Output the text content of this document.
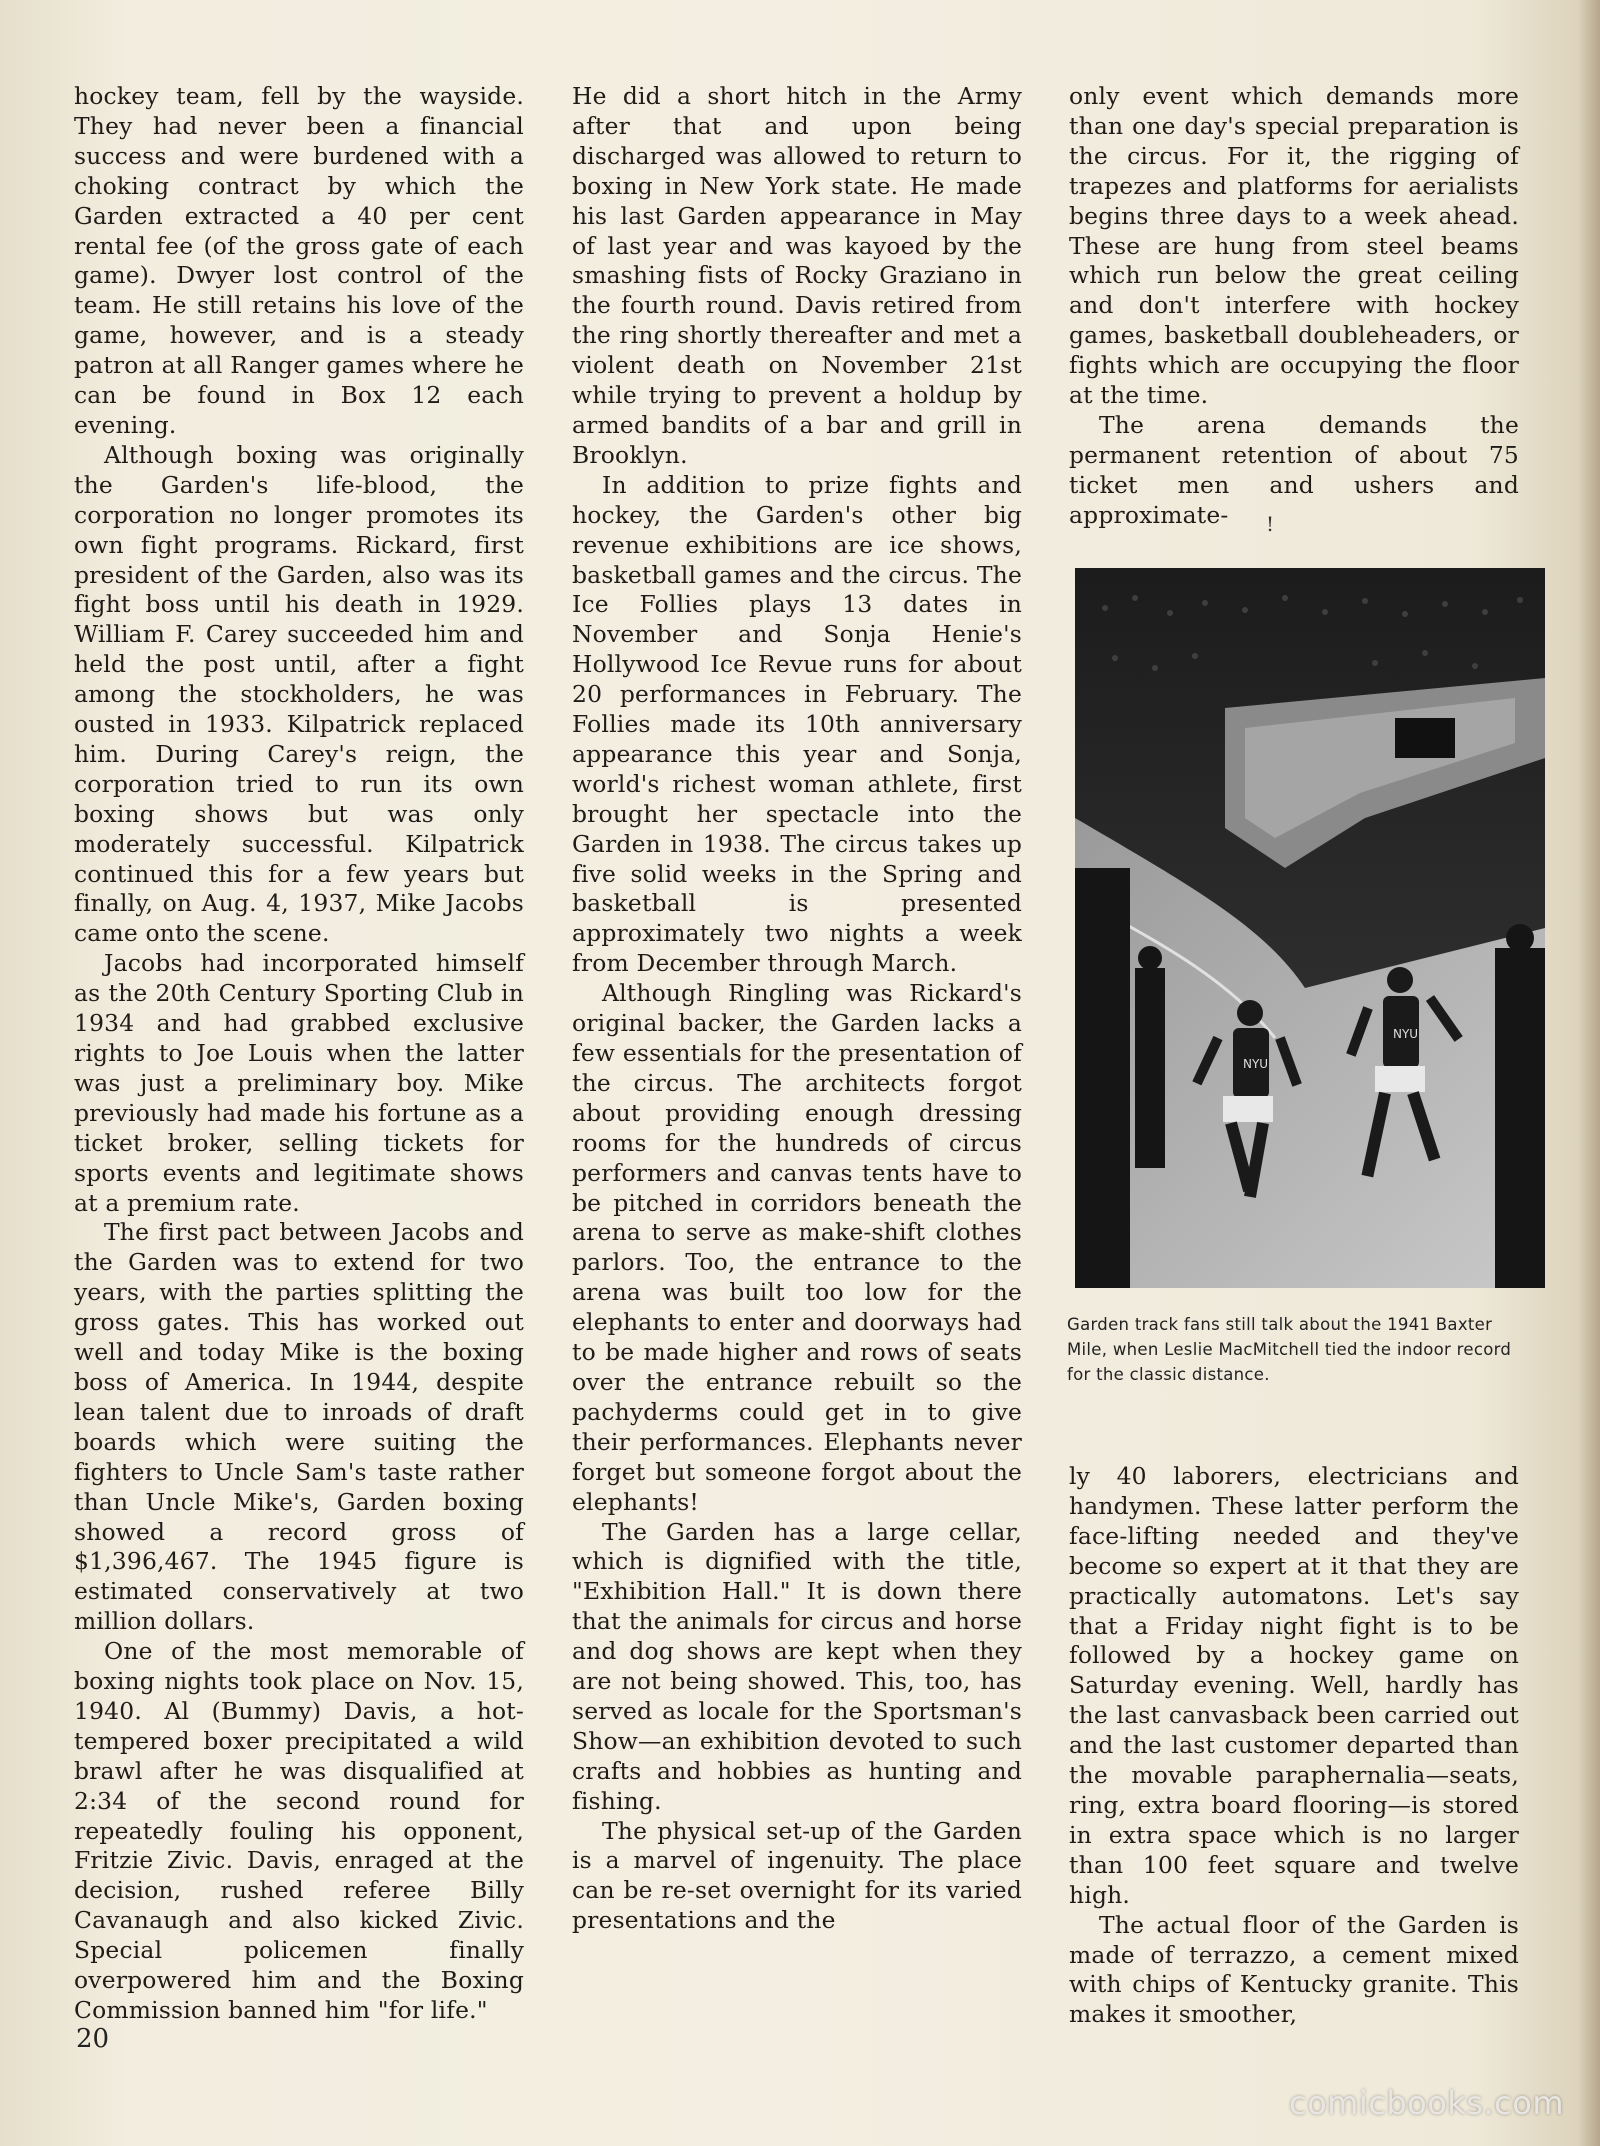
hockey team, fell by the wayside. They had never been a financial success and were burdened with a choking contract by which the Garden extracted a 40 per cent rental fee (of the gross gate of each game). Dwyer lost control of the team. He still retains his love of the game, however, and is a steady patron at all Ranger games where he can be found in Box 12 each evening.

Although boxing was originally the Garden's life-blood, the corporation no longer promotes its own fight programs. Rickard, first president of the Garden, also was its fight boss until his death in 1929. William F. Carey succeeded him and held the post until, after a fight among the stockholders, he was ousted in 1933. Kilpatrick replaced him. During Carey's reign, the corporation tried to run its own boxing shows but was only moderately successful. Kilpatrick continued this for a few years but finally, on Aug. 4, 1937, Mike Jacobs came onto the scene.

Jacobs had incorporated himself as the 20th Century Sporting Club in 1934 and had grabbed exclusive rights to Joe Louis when the latter was just a preliminary boy. Mike previously had made his fortune as a ticket broker, selling tickets for sports events and legitimate shows at a premium rate.

The first pact between Jacobs and the Garden was to extend for two years, with the parties splitting the gross gates. This has worked out well and today Mike is the boxing boss of America. In 1944, despite lean talent due to inroads of draft boards which were suiting the fighters to Uncle Sam's taste rather than Uncle Mike's, Garden boxing showed a record gross of $1,396,467. The 1945 figure is estimated conservatively at two million dollars.

One of the most memorable of boxing nights took place on Nov. 15, 1940. Al (Bummy) Davis, a hot-tempered boxer precipitated a wild brawl after he was disqualified at 2:34 of the second round for repeatedly fouling his opponent, Fritzie Zivic. Davis, enraged at the decision, rushed referee Billy Cavanaugh and also kicked Zivic. Special policemen finally overpowered him and the Boxing Commission banned him "for life."

He did a short hitch in the Army after that and upon being discharged was allowed to return to boxing in New York state. He made his last Garden appearance in May of last year and was kayoed by the smashing fists of Rocky Graziano in the fourth round. Davis retired from the ring shortly thereafter and met a violent death on November 21st while trying to prevent a holdup by armed bandits of a bar and grill in Brooklyn.

In addition to prize fights and hockey, the Garden's other big revenue exhibitions are ice shows, basketball games and the circus. The Ice Follies plays 13 dates in November and Sonja Henie's Hollywood Ice Revue runs for about 20 performances in February. The Follies made its 10th anniversary appearance this year and Sonja, world's richest woman athlete, first brought her spectacle into the Garden in 1938. The circus takes up five solid weeks in the Spring and basketball is presented approximately two nights a week from December through March.

Although Ringling was Rickard's original backer, the Garden lacks a few essentials for the presentation of the circus. The architects forgot about providing enough dressing rooms for the hundreds of circus performers and canvas tents have to be pitched in corridors beneath the arena to serve as make-shift clothes parlors. Too, the entrance to the arena was built too low for the elephants to enter and doorways had to be made higher and rows of seats over the entrance rebuilt so the pachyderms could get in to give their performances. Elephants never forget but someone forgot about the elephants!

The Garden has a large cellar, which is dignified with the title, "Exhibition Hall." It is down there that the animals for circus and horse and dog shows are kept when they are not being showed. This, too, has served as locale for the Sportsman's Show—an exhibition devoted to such crafts and hobbies as hunting and fishing.

The physical set-up of the Garden is a marvel of ingenuity. The place can be re-set overnight for its varied presentations and the

only event which demands more than one day's special preparation is the circus. For it, the rigging of trapezes and platforms for aerialists begins three days to a week ahead. These are hung from steel beams which run below the great ceiling and don't interfere with hockey games, basketball doubleheaders, or fights which are occupying the floor at the time.

The arena demands the permanent retention of about 75 ticket men and ushers and approximate-	!
NYU
NYU
Garden track fans still talk about the 1941 Baxter Mile, when Leslie MacMitchell tied the indoor record for the classic distance.

ly 40 laborers, electricians and handymen. These latter perform the face-lifting needed and they've become so expert at it that they are practically automatons. Let's say that a Friday night fight is to be followed by a hockey game on Saturday evening. Well, hardly has the last canvasback been carried out and the last customer departed than the movable paraphernalia—seats, ring, extra board flooring—is stored in extra space which is no larger than 100 feet square and twelve high.

The actual floor of the Garden is made of terrazzo, a cement mixed with chips of Kentucky granite. This makes it smoother,

20
comicbooks.com
